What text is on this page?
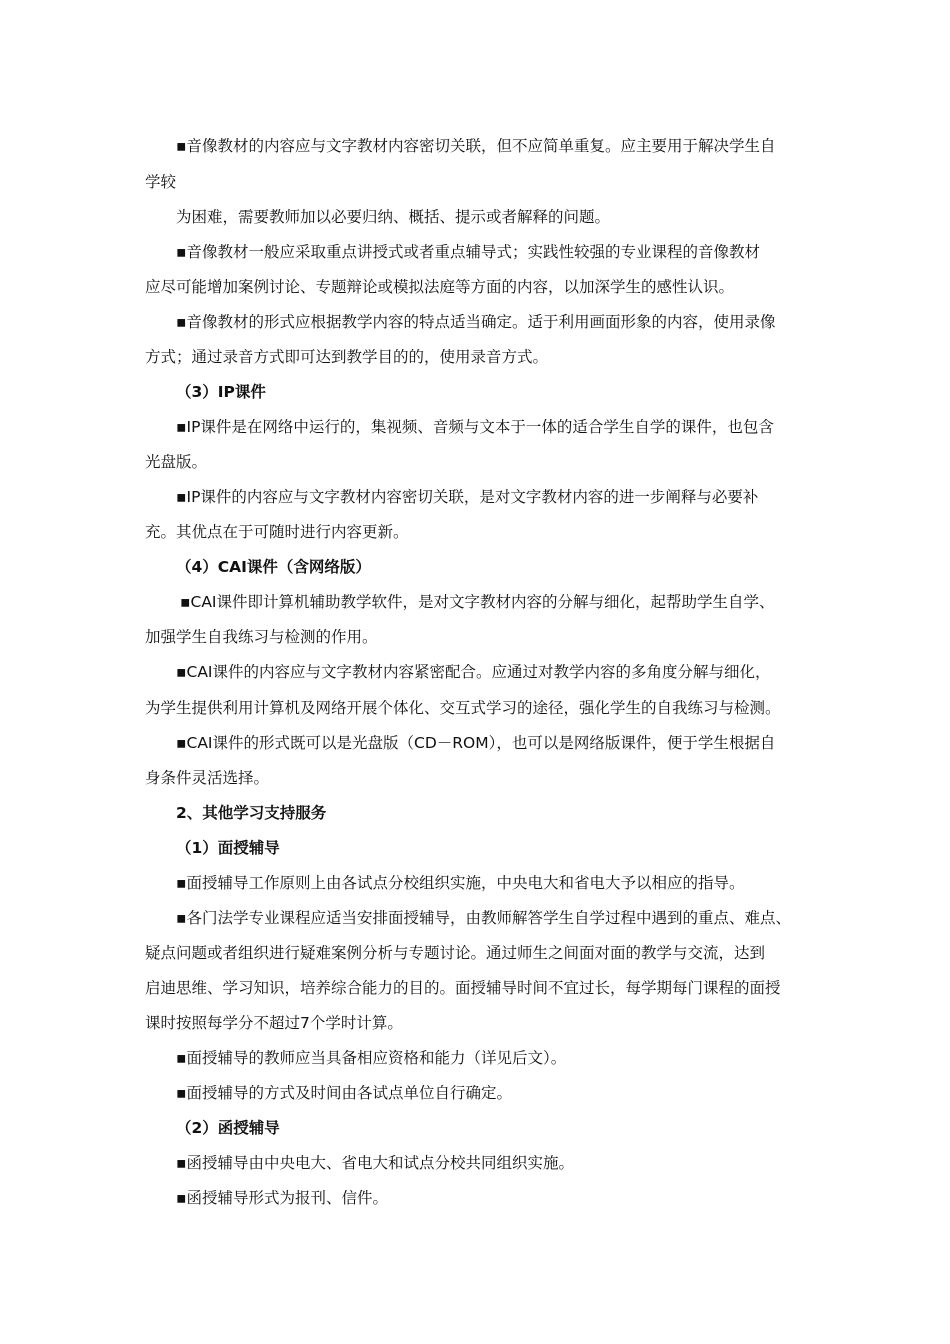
▪音像教材的内容应与文字教材内容密切关联，但不应简单重复。应主要用于解决学生自
学较
为困难，需要教师加以必要归纳、概括、提示或者解释的问题。
▪音像教材一般应采取重点讲授式或者重点辅导式；实践性较强的专业课程的音像教材
应尽可能增加案例讨论、专题辩论或模拟法庭等方面的内容，以加深学生的感性认识。
▪音像教材的形式应根据教学内容的特点适当确定。适于利用画面形象的内容，使用录像
方式；通过录音方式即可达到教学目的的，使用录音方式。
（3）IP课件
▪IP课件是在网络中运行的，集视频、音频与文本于一体的适合学生自学的课件，也包含
光盘版。
▪IP课件的内容应与文字教材内容密切关联，是对文字教材内容的进一步阐释与必要补
充。其优点在于可随时进行内容更新。
（4）CAI课件（含网络版）
▪CAI课件即计算机辅助教学软件，是对文字教材内容的分解与细化，起帮助学生自学、
加强学生自我练习与检测的作用。
▪CAI课件的内容应与文字教材内容紧密配合。应通过对教学内容的多角度分解与细化，
为学生提供利用计算机及网络开展个体化、交互式学习的途径，强化学生的自我练习与检测。
▪CAI课件的形式既可以是光盘版（CD－ROM），也可以是网络版课件，便于学生根据自
身条件灵活选择。
2、其他学习支持服务
（1）面授辅导
▪面授辅导工作原则上由各试点分校组织实施，中央电大和省电大予以相应的指导。
▪各门法学专业课程应适当安排面授辅导，由教师解答学生自学过程中遇到的重点、难点、
疑点问题或者组织进行疑难案例分析与专题讨论。通过师生之间面对面的教学与交流，达到
启迪思维、学习知识，培养综合能力的目的。面授辅导时间不宜过长，每学期每门课程的面授
课时按照每学分不超过7个学时计算。
▪面授辅导的教师应当具备相应资格和能力（详见后文）。
▪面授辅导的方式及时间由各试点单位自行确定。
（2）函授辅导
▪函授辅导由中央电大、省电大和试点分校共同组织实施。
▪函授辅导形式为报刊、信件。
